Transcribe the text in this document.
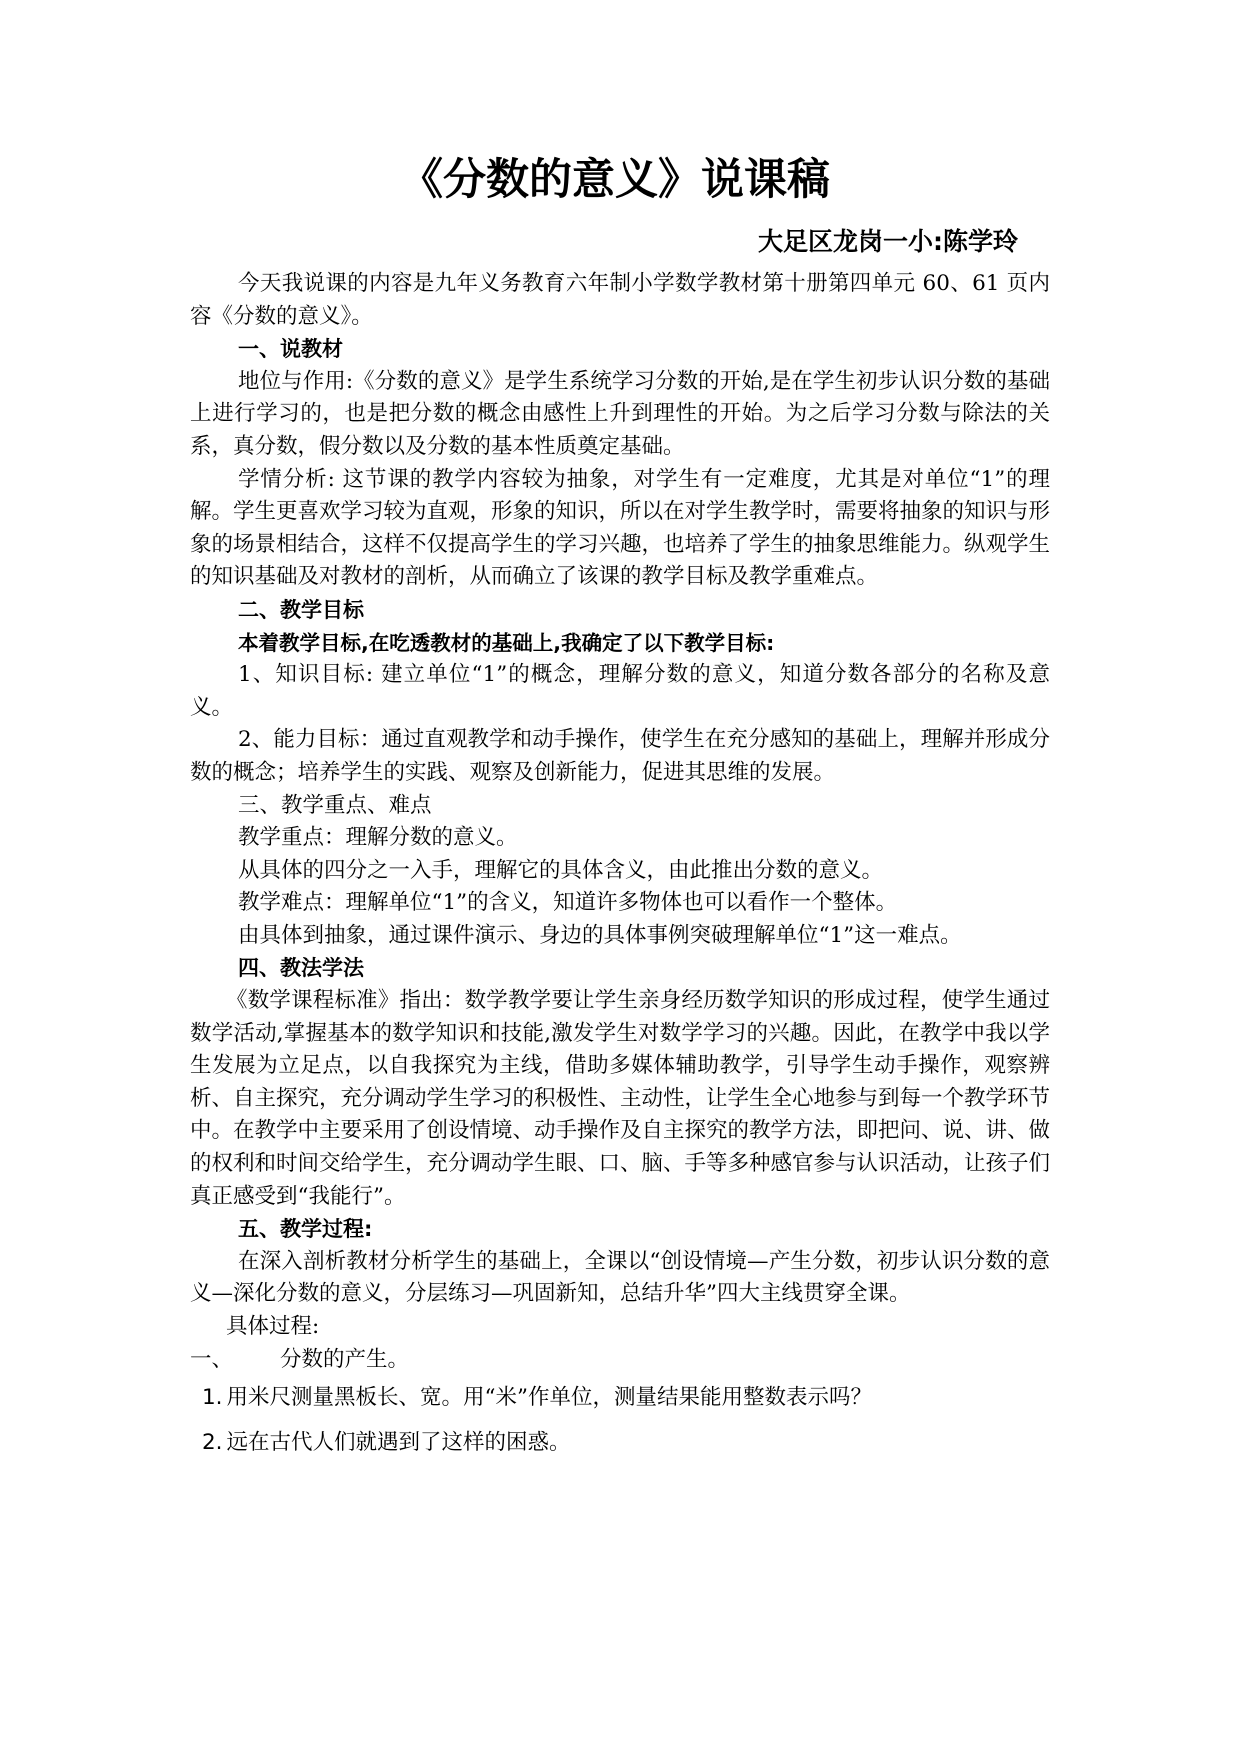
《分数的意义》说课稿
大足区龙岗一小:陈学玲

今天我说课的内容是九年义务教育六年制小学数学教材第十册第四单元 60、61 页内容《分数的意义》。

一、说教材

地位与作用:《分数的意义》是学生系统学习分数的开始,是在学生初步认识分数的基础上进行学习的，也是把分数的概念由感性上升到理性的开始。为之后学习分数与除法的关系，真分数，假分数以及分数的基本性质奠定基础。

学情分析: 这节课的教学内容较为抽象，对学生有一定难度，尤其是对单位“1”的理解。学生更喜欢学习较为直观，形象的知识，所以在对学生教学时，需要将抽象的知识与形象的场景相结合，这样不仅提高学生的学习兴趣，也培养了学生的抽象思维能力。纵观学生的知识基础及对教材的剖析，从而确立了该课的教学目标及教学重难点。

二、教学目标

本着教学目标,在吃透教材的基础上,我确定了以下教学目标:

1、知识目标: 建立单位“1”的概念，理解分数的意义，知道分数各部分的名称及意义。

2、能力目标：通过直观教学和动手操作，使学生在充分感知的基础上，理解并形成分数的概念；培养学生的实践、观察及创新能力，促进其思维的发展。

三、教学重点、难点

教学重点：理解分数的意义。

从具体的四分之一入手，理解它的具体含义，由此推出分数的意义。

教学难点：理解单位“1”的含义，知道许多物体也可以看作一个整体。

由具体到抽象，通过课件演示、身边的具体事例突破理解单位“1”这一难点。

四、教法学法

《数学课程标准》指出：数学教学要让学生亲身经历数学知识的形成过程，使学生通过数学活动,掌握基本的数学知识和技能,激发学生对数学学习的兴趣。因此，在教学中我以学生发展为立足点，以自我探究为主线，借助多媒体辅助教学，引导学生动手操作，观察辨析、自主探究，充分调动学生学习的积极性、主动性，让学生全心地参与到每一个教学环节中。在教学中主要采用了创设情境、动手操作及自主探究的教学方法，即把问、说、讲、做的权利和时间交给学生，充分调动学生眼、口、脑、手等多种感官参与认识活动，让孩子们真正感受到“我能行”。

五、教学过程:

在深入剖析教材分析学生的基础上，全课以“创设情境—产生分数，初步认识分数的意义—深化分数的意义，分层练习—巩固新知，总结升华”四大主线贯穿全课。

具体过程:

一、	分数的产生。
1. 用米尺测量黑板长、宽。用“米”作单位，测量结果能用整数表示吗？
2. 远在古代人们就遇到了这样的困惑。
